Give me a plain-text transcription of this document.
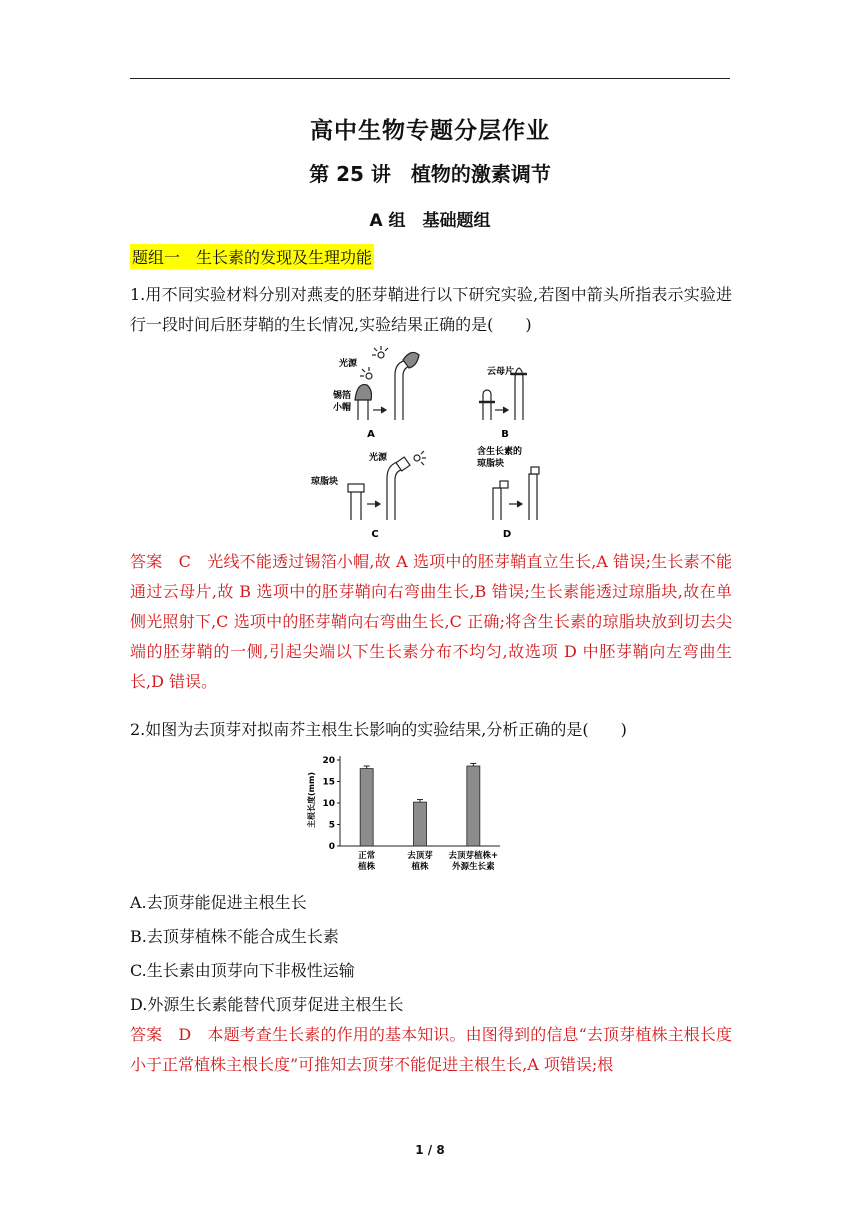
高中生物专题分层作业
第 25 讲　植物的激素调节
A 组　基础题组
题组一　生长素的发现及生理功能
1.用不同实验材料分别对燕麦的胚芽鞘进行以下研究实验,若图中箭头所指表示实验进行一段时间后胚芽鞘的生长情况,实验结果正确的是(　　)
光源
锡箔
小帽
云母片
光源
琼脂块
含生长素的
琼脂块
A	B
C	D
答案　C　光线不能透过锡箔小帽,故 A 选项中的胚芽鞘直立生长,A 错误;生长素不能通过云母片,故 B 选项中的胚芽鞘向右弯曲生长,B 错误;生长素能透过琼脂块,故在单侧光照射下,C 选项中的胚芽鞘向右弯曲生长,C 正确;将含生长素的琼脂块放到切去尖端的胚芽鞘的一侧,引起尖端以下生长素分布不均匀,故选项 D 中胚芽鞘向左弯曲生长,D 错误。
2.如图为去顶芽对拟南芥主根生长影响的实验结果,分析正确的是(　　)
主根长度(mm)
0
5
10
15
20
正常
植株
去顶芽
植株
去顶芽植株+
外源生长素
A.去顶芽能促进主根生长
B.去顶芽植株不能合成生长素
C.生长素由顶芽向下非极性运输
D.外源生长素能替代顶芽促进主根生长
答案　D　本题考查生长素的作用的基本知识。由图得到的信息“去顶芽植株主根长度小于正常植株主根长度”可推知去顶芽不能促进主根生长,A 项错误;根
1 / 8
